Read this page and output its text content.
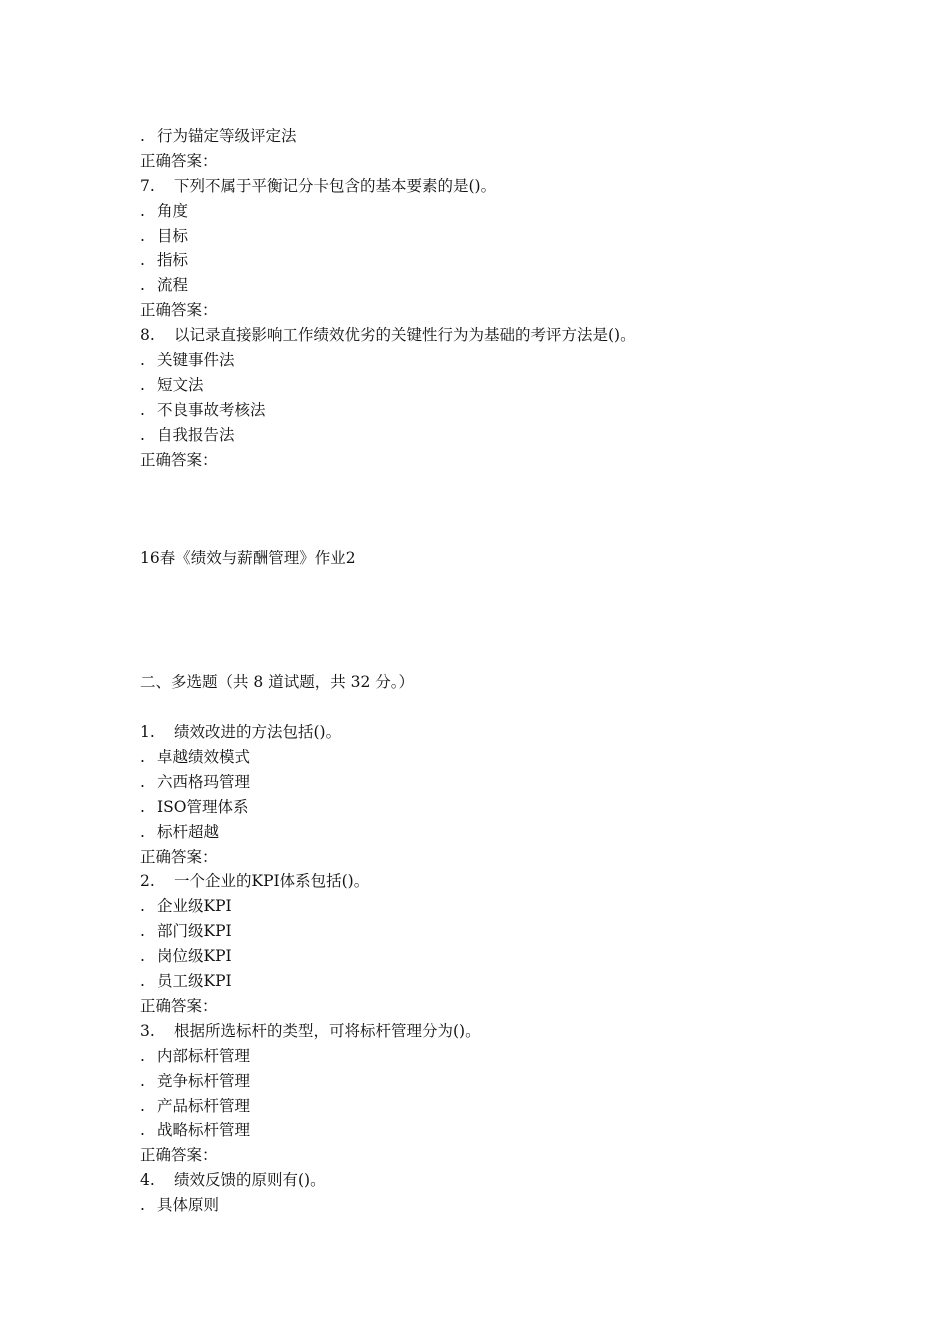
. 行为锚定等级评定法
正确答案：
7. 下列不属于平衡记分卡包含的基本要素的是()。
. 角度
. 目标
. 指标
. 流程
正确答案：
8. 以记录直接影响工作绩效优劣的关键性行为为基础的考评方法是()。
. 关键事件法
. 短文法
. 不良事故考核法
. 自我报告法
正确答案：
16春《绩效与薪酬管理》作业2
二、多选题（共 8 道试题，共 32 分。）
1. 绩效改进的方法包括()。
. 卓越绩效模式
. 六西格玛管理
. ISO管理体系
. 标杆超越
正确答案：
2. 一个企业的KPI体系包括()。
. 企业级KPI
. 部门级KPI
. 岗位级KPI
. 员工级KPI
正确答案：
3. 根据所选标杆的类型，可将标杆管理分为()。
. 内部标杆管理
. 竞争标杆管理
. 产品标杆管理
. 战略标杆管理
正确答案：
4. 绩效反馈的原则有()。
. 具体原则
